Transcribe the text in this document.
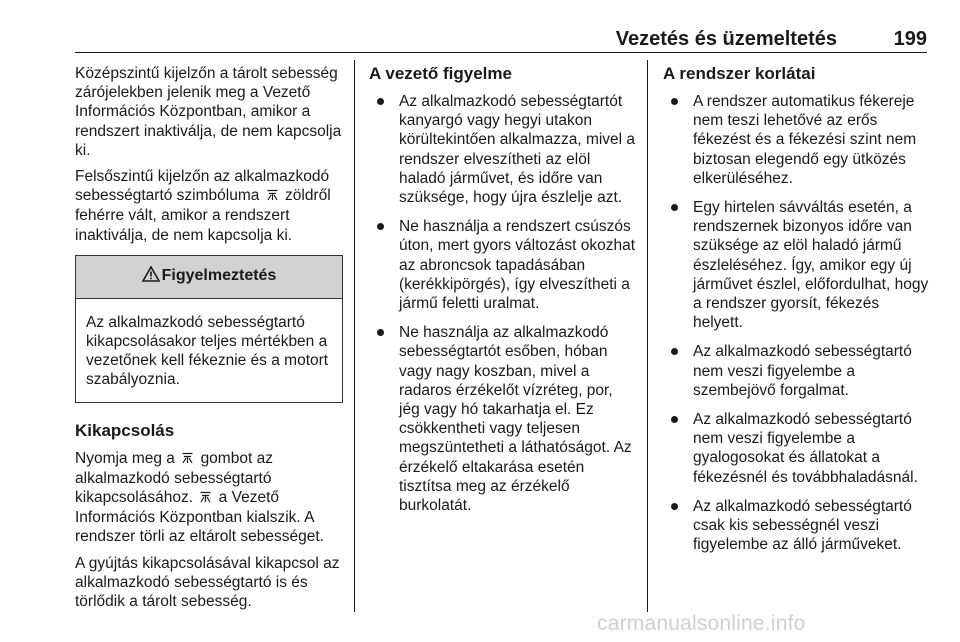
Vezetés és üzemeltetés	199

Középszintű kijelzőn a tárolt sebesség zárójelekben jelenik meg a Vezető Információs Központban, amikor a rendszert inaktiválja, de nem kapcsolja ki.

Felsőszintű kijelzőn az alkalmazkodó sebességtartó szimbóluma zöldről fehérre vált, amikor a rendszert inaktiválja, de nem kapcsolja ki.

Figyelmeztetés
Az alkalmazkodó sebességtartó kikapcsolásakor teljes mértékben a vezetőnek kell fékeznie és a motort szabályoznia.
Kikapcsolás

Nyomja meg a gombot az alkalmazkodó sebességtartó kikapcsolásához. a Vezető Információs Központban kialszik. A rendszer törli az eltárolt sebességet.

A gyújtás kikapcsolásával kikapcsol az alkalmazkodó sebességtartó is és törlődik a tárolt sebesség.

A vezető figyelme
Az alkalmazkodó sebességtartót kanyargó vagy hegyi utakon körültekintően alkalmazza, mivel a rendszer elveszítheti az elöl haladó járművet, és időre van szüksége, hogy újra észlelje azt.
Ne használja a rendszert csúszós úton, mert gyors változást okozhat az abroncsok tapadásában (kerékkipörgés), így elveszítheti a jármű feletti uralmat.
Ne használja az alkalmazkodó sebességtartót esőben, hóban vagy nagy koszban, mivel a radaros érzékelőt vízréteg, por, jég vagy hó takarhatja el. Ez csökkentheti vagy teljesen megszüntetheti a láthatóságot. Az érzékelő eltakarása esetén tisztítsa meg az érzékelő burkolatát.
A rendszer korlátai
A rendszer automatikus fékereje nem teszi lehetővé az erős fékezést és a fékezési szint nem biztosan elegendő egy ütközés elkerüléséhez.
Egy hirtelen sávváltás esetén, a rendszernek bizonyos időre van szüksége az elöl haladó jármű észleléséhez. Így, amikor egy új járművet észlel, előfordulhat, hogy a rendszer gyorsít, fékezés helyett.
Az alkalmazkodó sebességtartó nem veszi figyelembe a szembejövő forgalmat.
Az alkalmazkodó sebességtartó nem veszi figyelembe a gyalogosokat és állatokat a fékezésnél és továbbhaladásnál.
Az alkalmazkodó sebességtartó csak kis sebességnél veszi figyelembe az álló járműveket.
carmanualsonline.info
